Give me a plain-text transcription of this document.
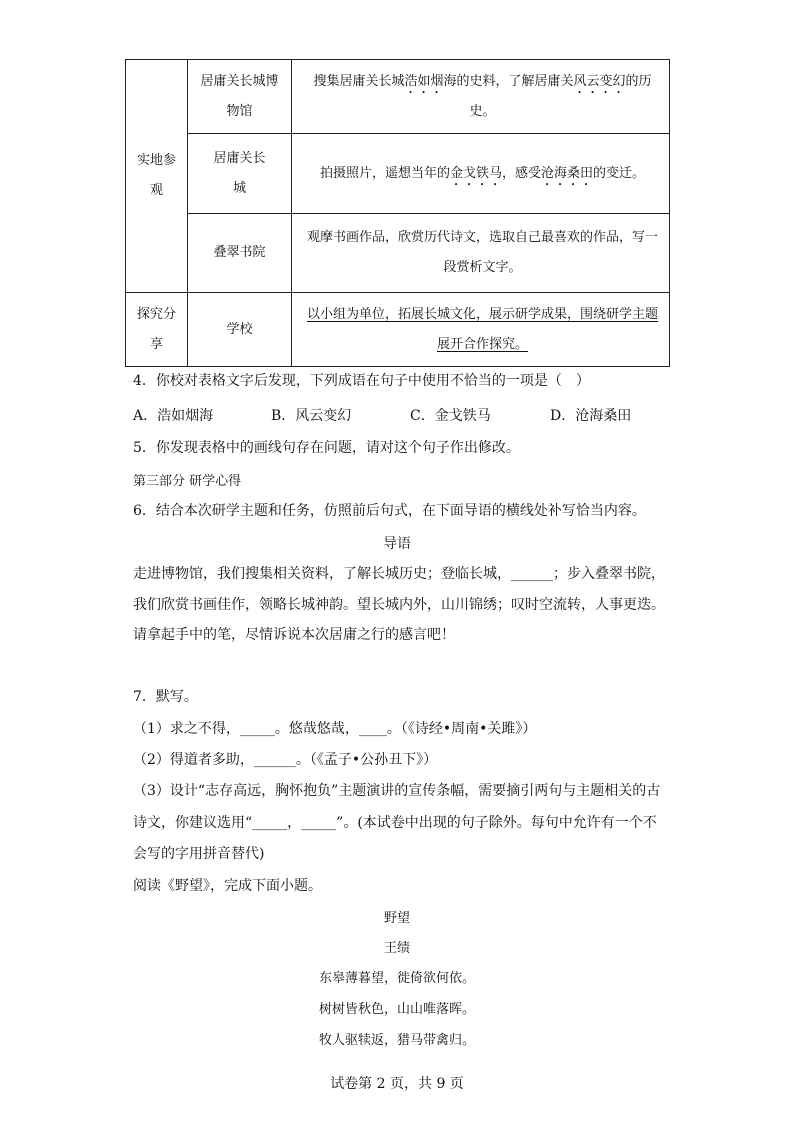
实地参观	居庸关长城博物馆	搜集居庸关长城浩如烟海的史料，了解居庸关风云变幻的历史。

	居庸关长城	拍摄照片，遥想当年的金戈铁马，感受沧海桑田的变迁。
	叠翠书院	观摩书画作品，欣赏历代诗文，选取自己最喜欢的作品，写一段赏析文字。

探究分享	学校	以小组为单位，拓展长城文化，展示研学成果，围绕研学主题展开合作探究。
4．你校对表格文字后发现，下列成语在句子中使用不恰当的一项是（　）
A．浩如烟海	B．风云变幻	C．金戈铁马	D．沧海桑田
5．你发现表格中的画线句存在问题，请对这个句子作出修改。
第三部分 研学心得
6．结合本次研学主题和任务，仿照前后句式，在下面导语的横线处补写恰当内容。
导语
走进博物馆，我们搜集相关资料，了解长城历史；登临长城，______；步入叠翠书院，我们欣赏书画佳作，领略长城神韵。望长城内外，山川锦绣；叹时空流转，人事更迭。请拿起手中的笔，尽情诉说本次居庸之行的感言吧！
7．默写。
（1）求之不得，_____。悠哉悠哉，____。（《诗经•周南•关雎》）
（2）得道者多助，______。（《孟子•公孙丑下》）
（3）设计“志存高远，胸怀抱负”主题演讲的宣传条幅，需要摘引两句与主题相关的古
诗文，你建议选用“_____，_____”。(本试卷中出现的句子除外。每句中允许有一个不
会写的字用拼音替代)
阅读《野望》，完成下面小题。
野望
王绩
东皋薄暮望，徙倚欲何依。
树树皆秋色，山山唯落晖。
牧人驱犊返，猎马带禽归。
试卷第 2 页，共 9 页
